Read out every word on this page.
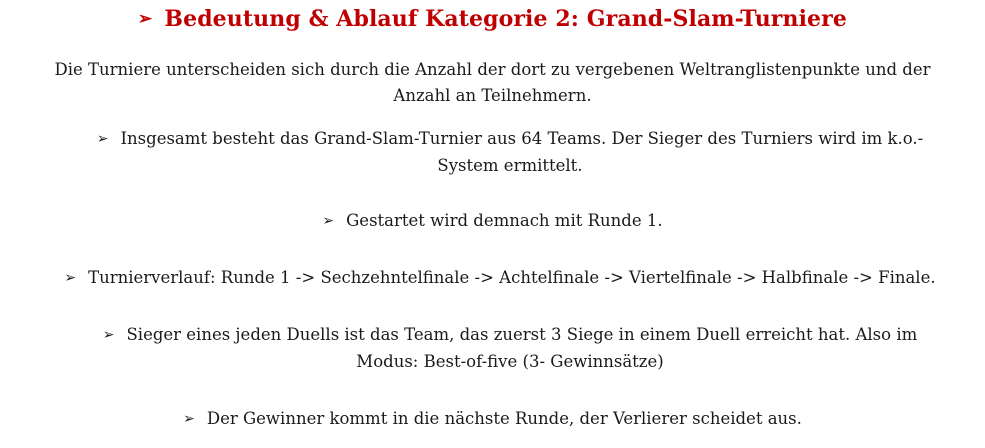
➢ Bedeutung & Ablauf Kategorie 2: Grand-Slam-Turniere
Die Turniere unterscheiden sich durch die Anzahl der dort zu vergebenen Weltranglistenpunkte und der
Anzahl an Teilnehmern.
➢ Insgesamt besteht das Grand-Slam-Turnier aus 64 Teams. Der Sieger des Turniers wird im k.o.-
System ermittelt.
➢ Gestartet wird demnach mit Runde 1.
➢ Turnierverlauf: Runde 1 -> Sechzehntelfinale -> Achtelfinale -> Viertelfinale -> Halbfinale -> Finale.
➢ Sieger eines jeden Duells ist das Team, das zuerst 3 Siege in einem Duell erreicht hat. Also im
Modus: Best-of-five (3- Gewinnsätze)
➢ Der Gewinner kommt in die nächste Runde, der Verlierer scheidet aus.
